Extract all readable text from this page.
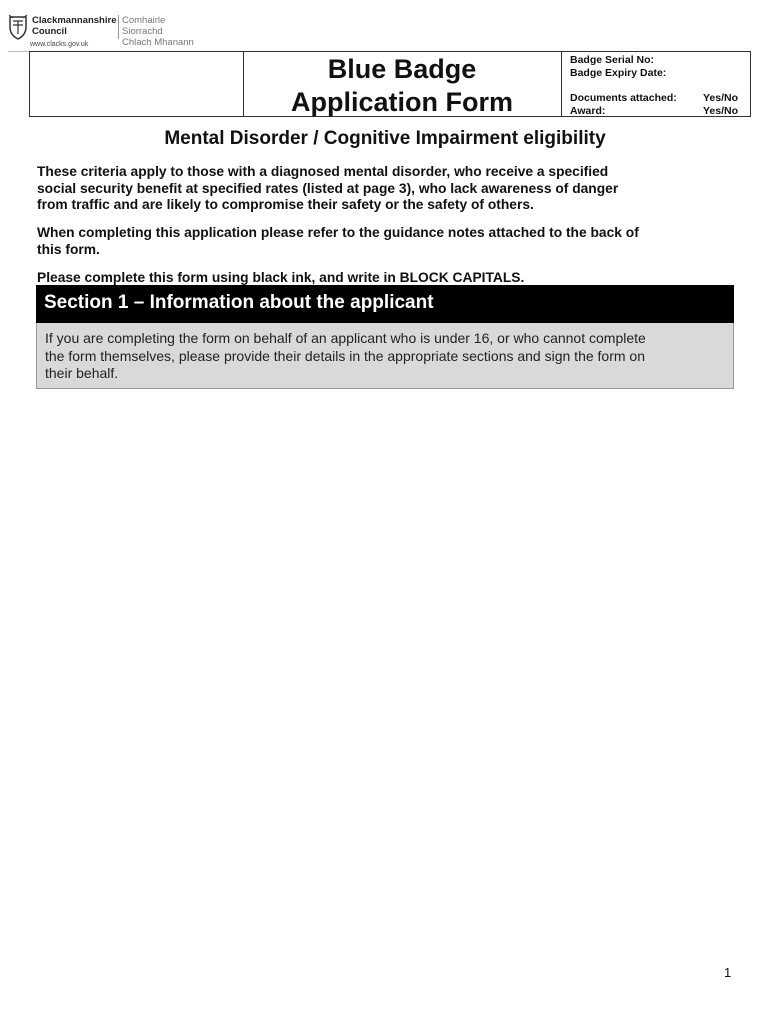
Clackmannanshire
Council
Comhairle Siorrachd
Chlach Mhanann
www.clacks.gov.uk
Blue Badge
Application Form
Badge Serial No:
Badge Expiry Date:
Documents attached: Yes/No
Award:	Yes/No
Mental Disorder / Cognitive Impairment eligibility
These criteria apply to those with a diagnosed mental disorder, who receive a specified
social security benefit at specified rates (listed at page 3), who lack awareness of danger
from traffic and are likely to compromise their safety or the safety of others.
When completing this application please refer to the guidance notes attached to the back of
this form.
Please complete this form using black ink, and write in BLOCK CAPITALS.
Section 1 – Information about the applicant
If you are completing the form on behalf of an applicant who is under 16, or who cannot complete
the form themselves, please provide their details in the appropriate sections and sign the form on
their behalf.
1
